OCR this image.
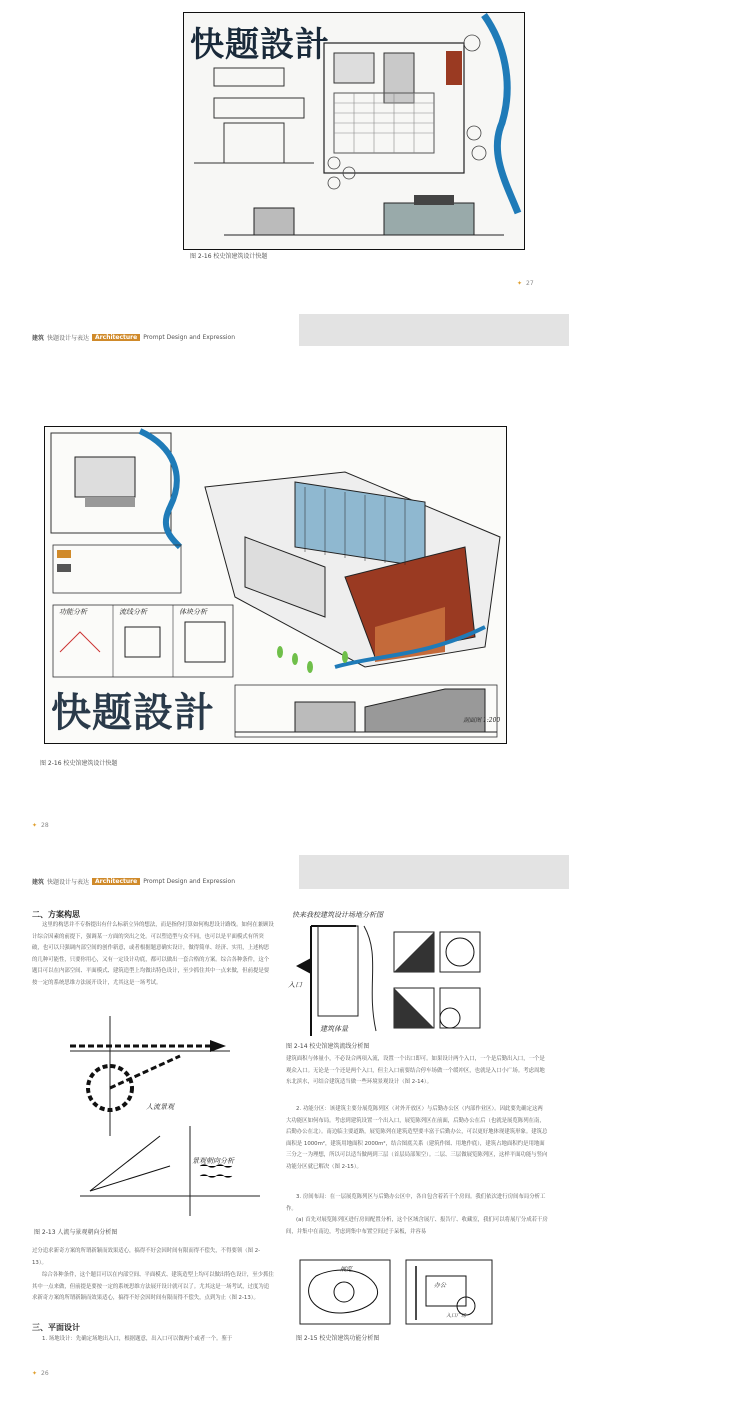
快题設計
图 2-16 校史馆建筑设计快题
✦ 27
建筑 快题设计与表达	Architecture	Prompt Design and Expression
功能分析	流线分析	体块分析
剖面图 1:200
快题設計
图 2-16 校史馆建筑设计快题
✦ 28
建筑 快题设计与表达	Architecture	Prompt Design and Expression
二、方案构思
这里的构思并不专指提出有什么标新立异的想法，而是指你打算如何构思设计路线。如何在兼顾设计综合因素的前提下，强调某一方面的突出之处。可以塑造型与众不同，也可以是平面模式有所突破，也可以只强调内部空间的创作新意，或者根据题意确实设计，做得简单、经济、实用，上述构思的几种可能性，只要你用心，又有一定设计功底，都可以做出一套合格的方案。综合各种条件，这个题目可以在内部空间、平面模式、建筑造型上均做出特色设计，至少抓住其中一点来做，但前提是要按一定的系统思维方法展开设计，尤其这是一场考试。
人流景观
景观朝向分析
图 2-13 人流与景观朝向分析图
过分追求新奇方案的所谓新颖而效果适心，搞得不好会因时间有限而得不偿失，不得要领（图 2-13）。
综合各种条件，这个题目可以在内部空间、平面模式、建筑造型上均可以做出特色设计，至少抓住其中一点来做，但前提是要按一定的系统思维方法展开设计就可以了。尤其这是一场考试，过度为追求新奇方案的所谓新颖而效果适心，搞得不好会因时间有限而得不偿失，点到为止（图 2-13）。
三、平面设计
1. 场地设计：先确定场地出入口，根据题意，出入口可以做两个或者一个。鉴于
✦ 26
快来我校建筑设计场地分析图
入口
建筑体量
图 2-14 校史馆建筑流线分析图
建筑面积与体量小，不必设合两项入流，设置一个出口即可。如果设计两个入口，一个是后勤出入口，一个是观众入口。无论是一个还是两个入口，但主入口前要结合停车场做一个缓冲区，也就是入口小广场。考虑周地东北滨水，可结合建筑适当做一些环境景观设计（图 2-14）。
2. 功能分区：该建筑主要分展览陈列区（对外开放区）与后勤办公区（内部作业区）。因此要先确定这两大功能区如何布局。考虑到建筑设置一个出入口，展览陈列区在前面，后勤办公在后（也就是展览陈列在南，后勤办公在北）。南边临主要道路，展览陈列在建筑造型要丰富于后勤办公，可以更好地体现建筑形象。建筑总面积是 1000m²，建筑用地面积 2000m²，结合图底关系（建筑作图、用地作底），建筑占地面积约是用地面三分之一为理想，所以可以适当做两到三层（首层局部架空）。二层、三层做展览陈列区，这样平面功能与竖向功能分区就已解决（图 2-15）。
3. 房间布局：在一层展览陈列区与后勤办公区中，各自包含着若干个房间。我们依次进行房间布局分析工作。
(a) 首先对展览陈列区进行房间配置分析，这个区域含展厅、报告厅、收藏室，我们可以将展厅分成若干房间，并集中在南边，考虑到集中布置空间过于呆板，并容易
展览
办公
入口广场
图 2-15 校史馆建筑功能分析图
